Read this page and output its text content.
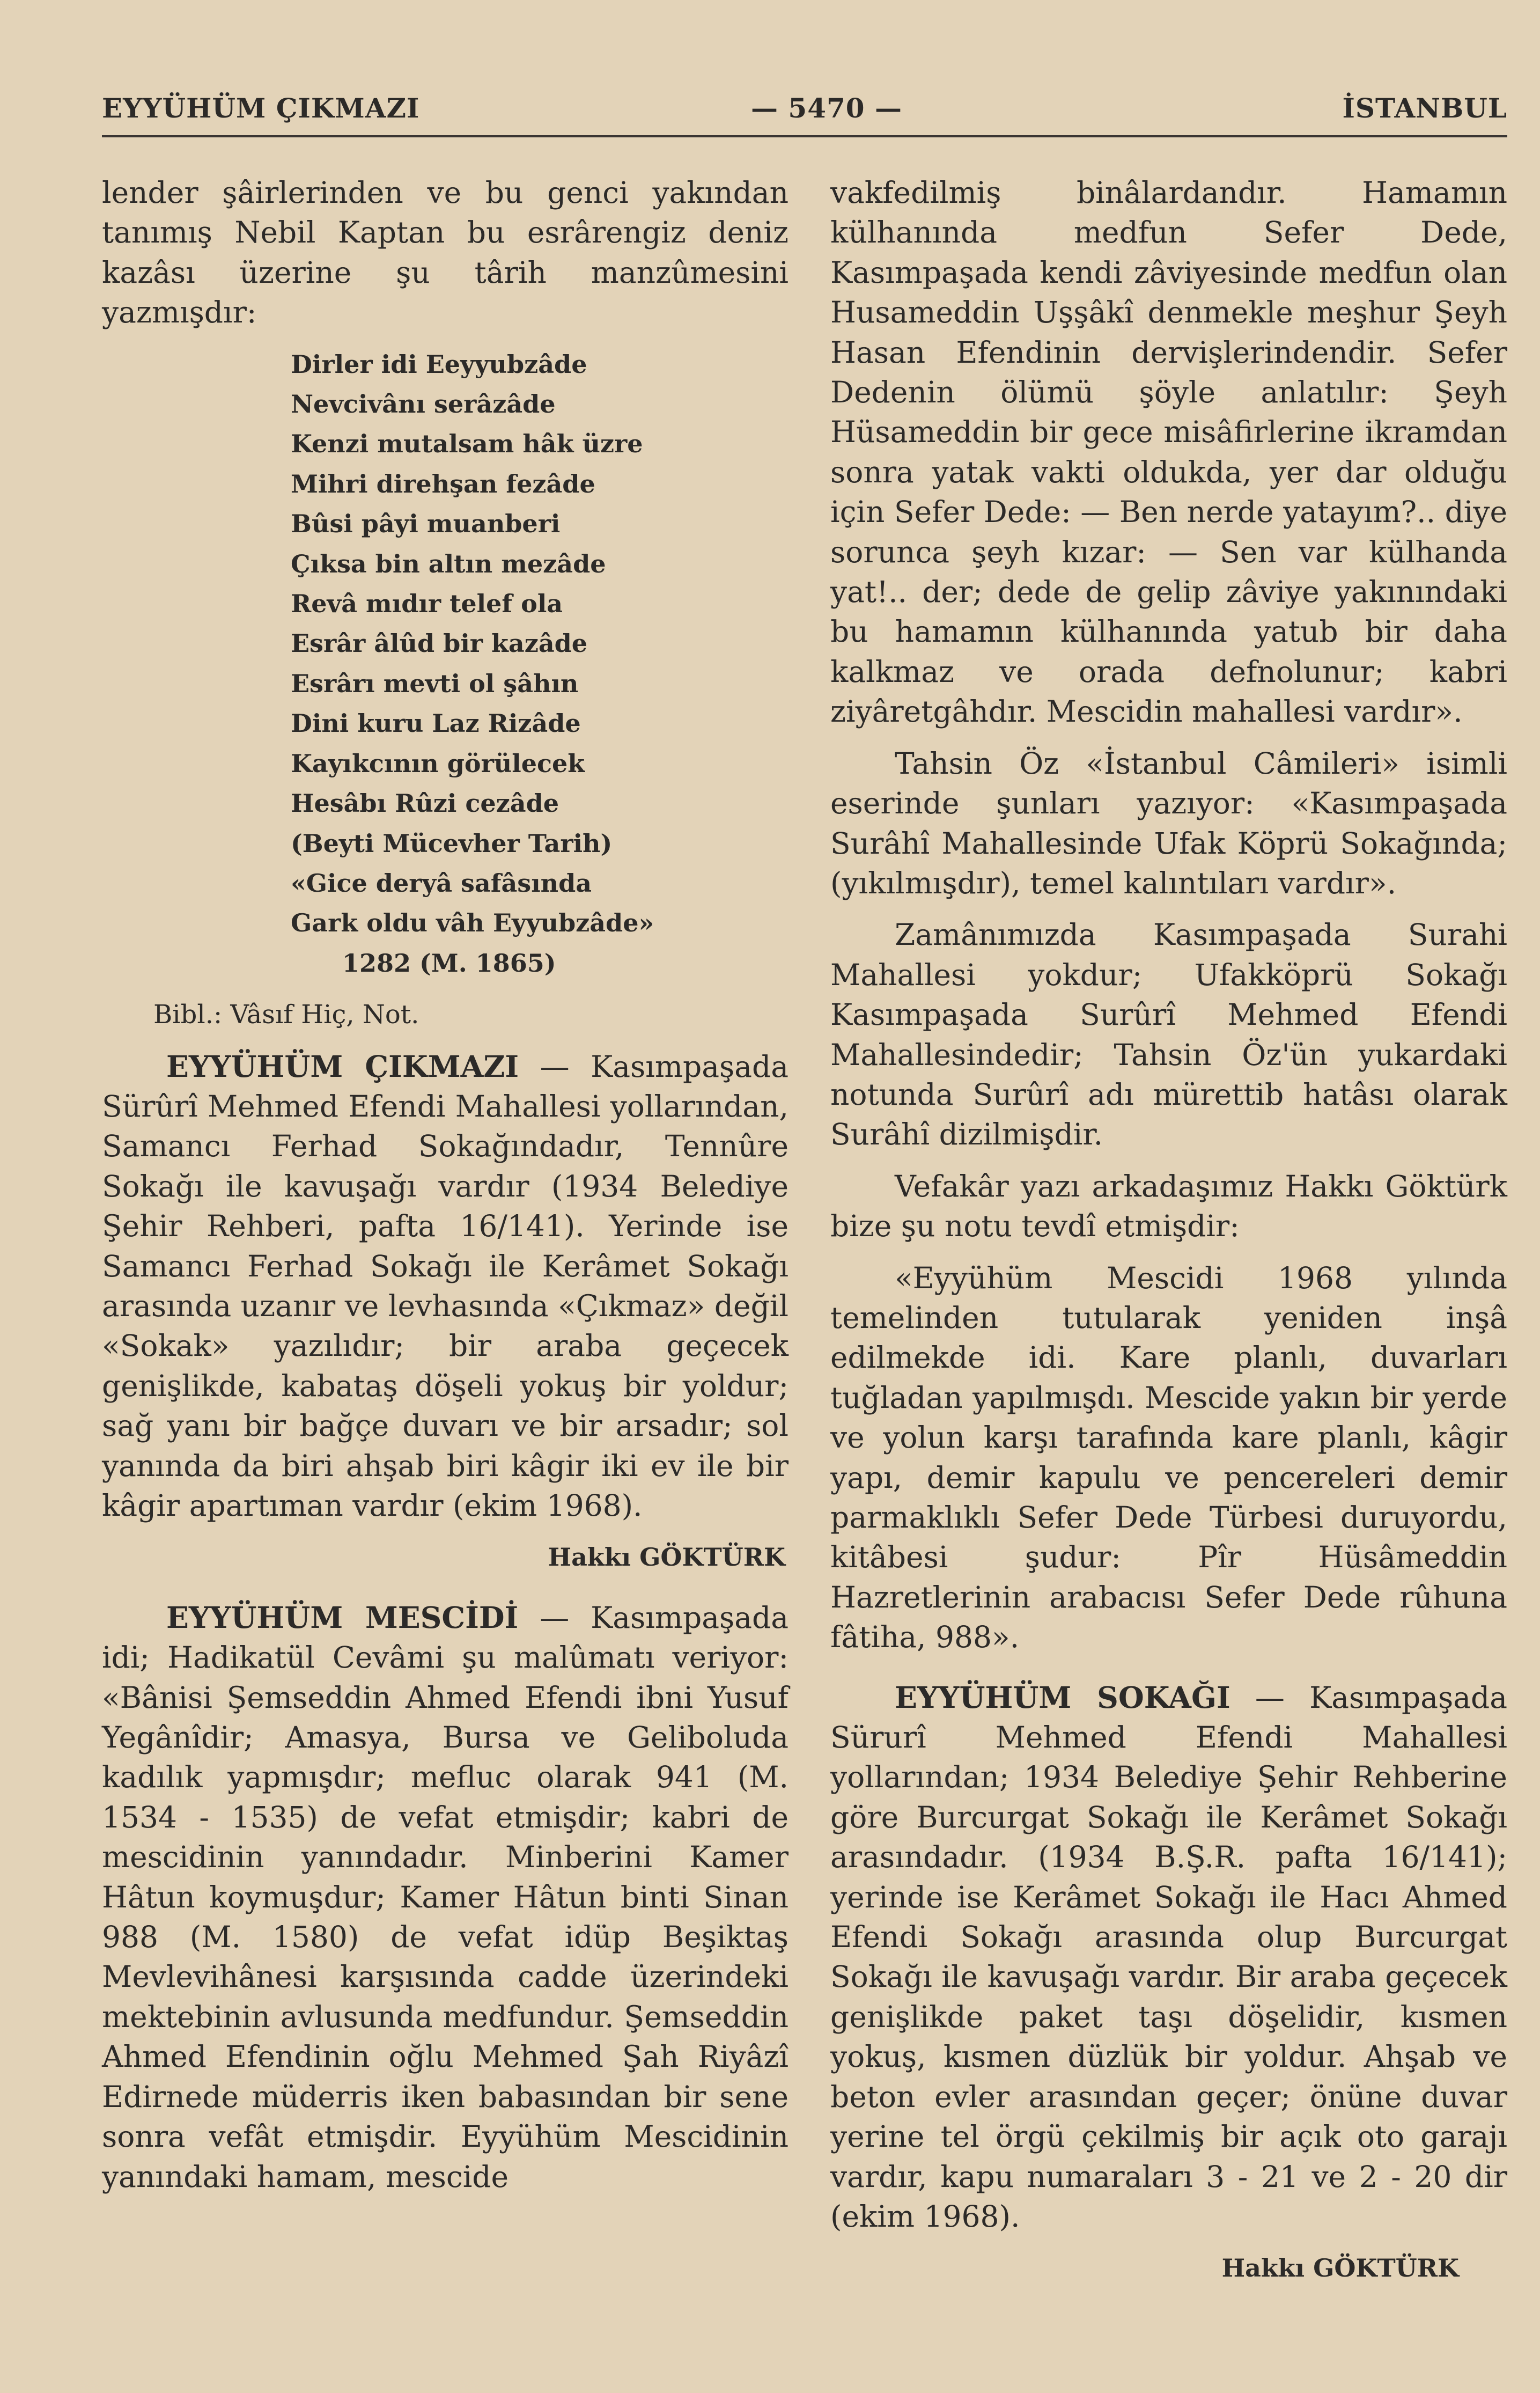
EYYÜHÜM ÇIKMAZI	— 5470 —	İSTANBUL

lender şâirlerinden ve bu genci yakından tanımış Nebil Kaptan bu esrârengiz deniz kazâsı üzerine şu târih manzûmesini yazmışdır:

Dirler idi Eeyyubzâde
Nevcivânı serâzâde
Kenzi mutalsam hâk üzre
Mihri direhşan fezâde
Bûsi pâyi muanberi
Çıksa bin altın mezâde
Revâ mıdır telef ola
Esrâr âlûd bir kazâde
Esrârı mevti ol şâhın
Dini kuru Laz Rizâde
Kayıkcının görülecek
Hesâbı Rûzi cezâde
(Beyti Mücevher Tarih)
«Gice deryâ safâsında
Gark oldu vâh Eyyubzâde»
1282 (M. 1865)
Bibl.: Vâsıf Hiç, Not.

EYYÜHÜM ÇIKMAZI — Kasımpaşada Sürûrî Mehmed Efendi Mahallesi yollarından, Samancı Ferhad Sokağındadır, Tennûre Sokağı ile kavuşağı vardır (1934 Belediye Şehir Rehberi, pafta 16/141). Yerinde ise Samancı Ferhad Sokağı ile Kerâmet Sokağı arasında uzanır ve levhasında «Çıkmaz» değil «Sokak» yazılıdır; bir araba geçecek genişlikde, kabataş döşeli yokuş bir yoldur; sağ yanı bir bağçe duvarı ve bir arsadır; sol yanında da biri ahşab biri kâgir iki ev ile bir kâgir apartıman vardır (ekim 1968).

Hakkı GÖKTÜRK

EYYÜHÜM MESCİDİ — Kasımpaşada idi; Hadikatül Cevâmi şu malûmatı veriyor: «Bânisi Şemseddin Ahmed Efendi ibni Yusuf Yegânîdir; Amasya, Bursa ve Geliboluda kadılık yapmışdır; mefluc olarak 941 (M. 1534 - 1535) de vefat etmişdir; kabri de mescidinin yanındadır. Minberini Kamer Hâtun koymuşdur; Kamer Hâtun binti Sinan 988 (M. 1580) de vefat idüp Beşiktaş Mevlevihânesi karşısında cadde üzerindeki mektebinin avlusunda medfundur. Şemseddin Ahmed Efendinin oğlu Mehmed Şah Riyâzî Edirnede müderris iken babasından bir sene sonra vefât etmişdir. Eyyühüm Mescidinin yanındaki hamam, mescide

vakfedilmiş binâlardandır. Hamamın külhanında medfun Sefer Dede, Kasımpaşada kendi zâviyesinde medfun olan Husameddin Uşşâkî denmekle meşhur Şeyh Hasan Efendinin dervişlerindendir. Sefer Dedenin ölümü şöyle anlatılır: Şeyh Hüsameddin bir gece misâfirlerine ikramdan sonra yatak vakti oldukda, yer dar olduğu için Sefer Dede: — Ben nerde yatayım?.. diye sorunca şeyh kızar: — Sen var külhanda yat!.. der; dede de gelip zâviye yakınındaki bu hamamın külhanında yatub bir daha kalkmaz ve orada defnolunur; kabri ziyâretgâhdır. Mescidin mahallesi vardır».

Tahsin Öz «İstanbul Câmileri» isimli eserinde şunları yazıyor: «Kasımpaşada Surâhî Mahallesinde Ufak Köprü Sokağında; (yıkılmışdır), temel kalıntıları vardır».

Zamânımızda Kasımpaşada Surahi Mahallesi yokdur; Ufakköprü Sokağı Kasımpaşada Surûrî Mehmed Efendi Mahallesindedir; Tahsin Öz'ün yukardaki notunda Surûrî adı mürettib hatâsı olarak Surâhî dizilmişdir.

Vefakâr yazı arkadaşımız Hakkı Göktürk bize şu notu tevdî etmişdir:

«Eyyühüm Mescidi 1968 yılında temelinden tutularak yeniden inşâ edilmekde idi. Kare planlı, duvarları tuğladan yapılmışdı. Mescide yakın bir yerde ve yolun karşı tarafında kare planlı, kâgir yapı, demir kapulu ve pencereleri demir parmaklıklı Sefer Dede Türbesi duruyordu, kitâbesi şudur: Pîr Hüsâmeddin Hazretlerinin arabacısı Sefer Dede rûhuna fâtiha, 988».

EYYÜHÜM SOKAĞI — Kasımpaşada Sürurî Mehmed Efendi Mahallesi yollarından; 1934 Belediye Şehir Rehberine göre Burcurgat Sokağı ile Kerâmet Sokağı arasındadır. (1934 B.Ş.R. pafta 16/141); yerinde ise Kerâmet Sokağı ile Hacı Ahmed Efendi Sokağı arasında olup Burcurgat Sokağı ile kavuşağı vardır. Bir araba geçecek genişlikde paket taşı döşelidir, kısmen yokuş, kısmen düzlük bir yoldur. Ahşab ve beton evler arasından geçer; önüne duvar yerine tel örgü çekilmiş bir açık oto garajı vardır, kapu numaraları 3 - 21 ve 2 - 20 dir (ekim 1968).

Hakkı GÖKTÜRK
